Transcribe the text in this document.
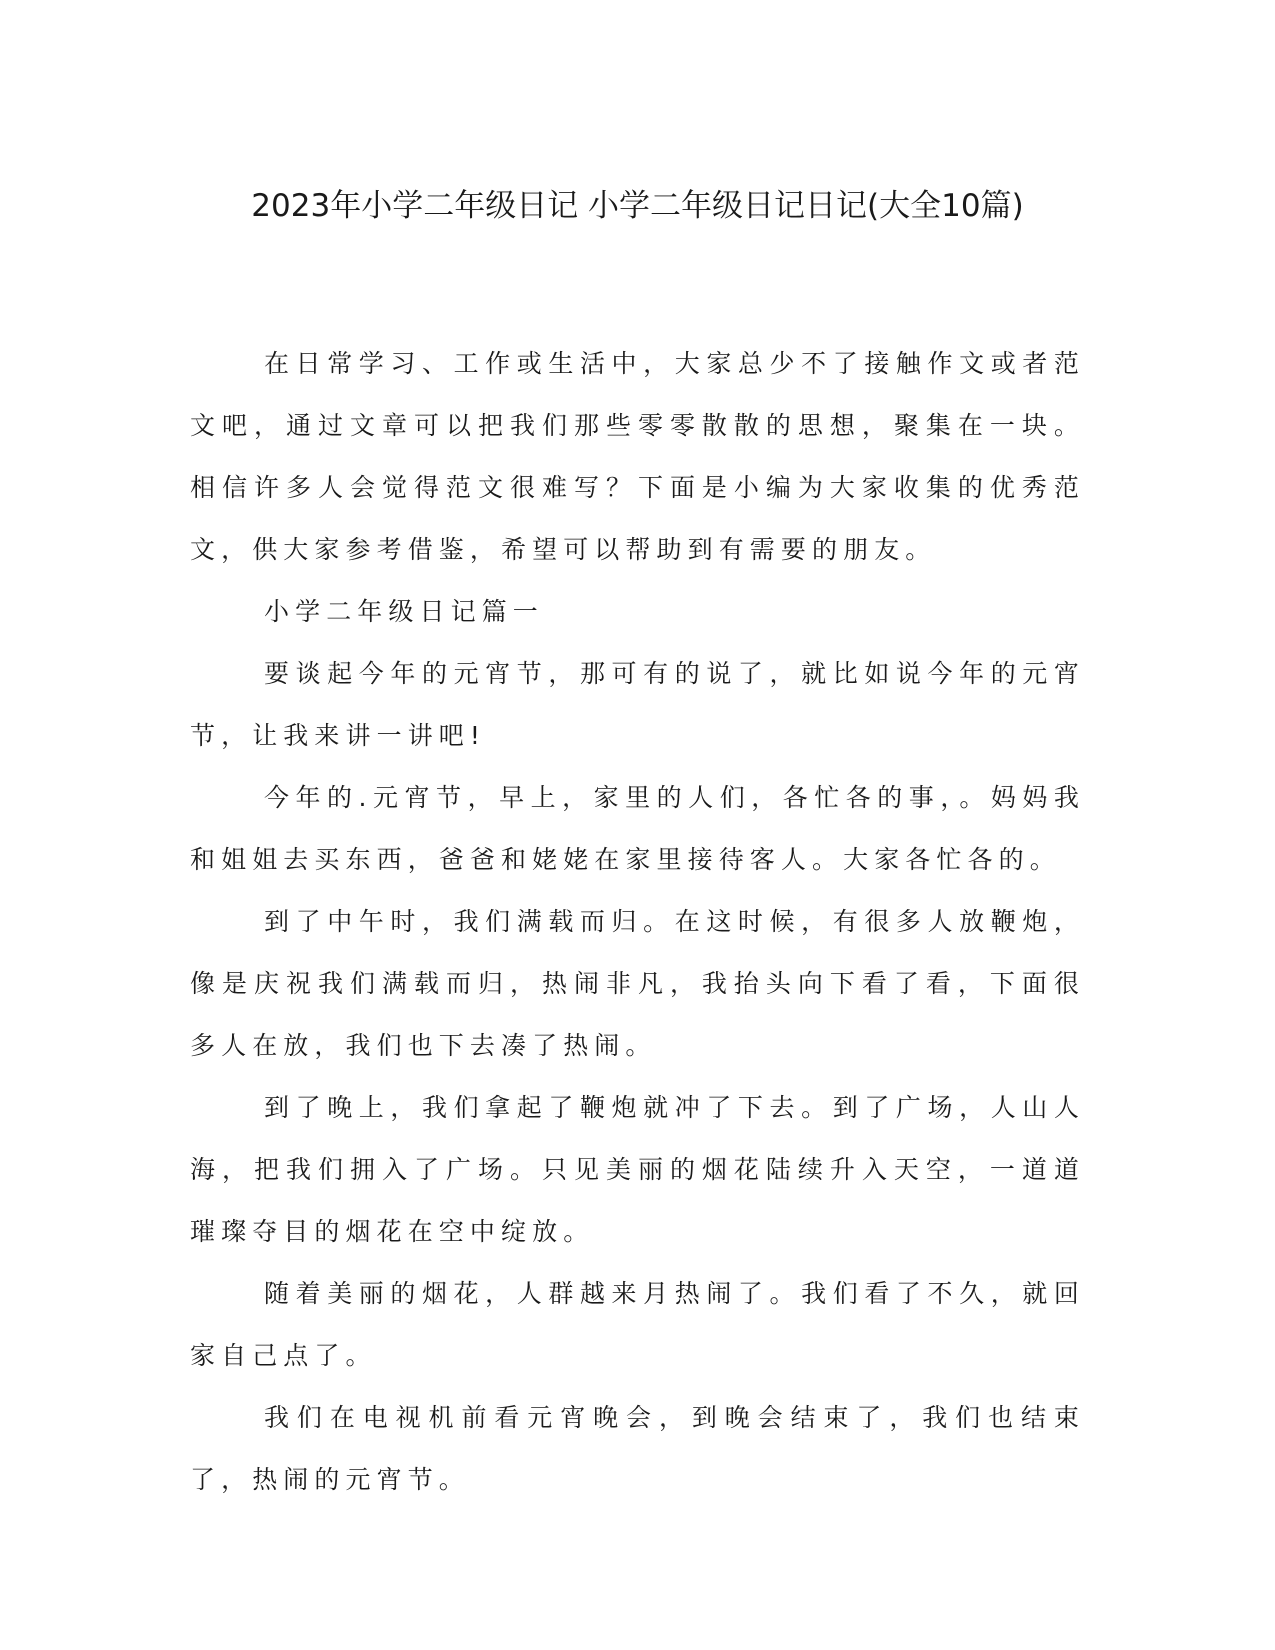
2023年小学二年级日记 小学二年级日记日记(大全10篇)

在日常学习、工作或生活中，大家总少不了接触作文或者范文吧，通过文章可以把我们那些零零散散的思想，聚集在一块。相信许多人会觉得范文很难写？下面是小编为大家收集的优秀范文，供大家参考借鉴，希望可以帮助到有需要的朋友。

小学二年级日记篇一

要谈起今年的元宵节，那可有的说了，就比如说今年的元宵节，让我来讲一讲吧!

今年的.元宵节，早上，家里的人们，各忙各的事，。妈妈我和姐姐去买东西，爸爸和姥姥在家里接待客人。大家各忙各的。

到了中午时，我们满载而归。在这时候，有很多人放鞭炮，像是庆祝我们满载而归，热闹非凡，我抬头向下看了看，下面很多人在放，我们也下去凑了热闹。

到了晚上，我们拿起了鞭炮就冲了下去。到了广场，人山人海，把我们拥入了广场。只见美丽的烟花陆续升入天空，一道道璀璨夺目的烟花在空中绽放。

随着美丽的烟花，人群越来月热闹了。我们看了不久，就回家自己点了。

我们在电视机前看元宵晚会，到晚会结束了，我们也结束了，热闹的元宵节。
